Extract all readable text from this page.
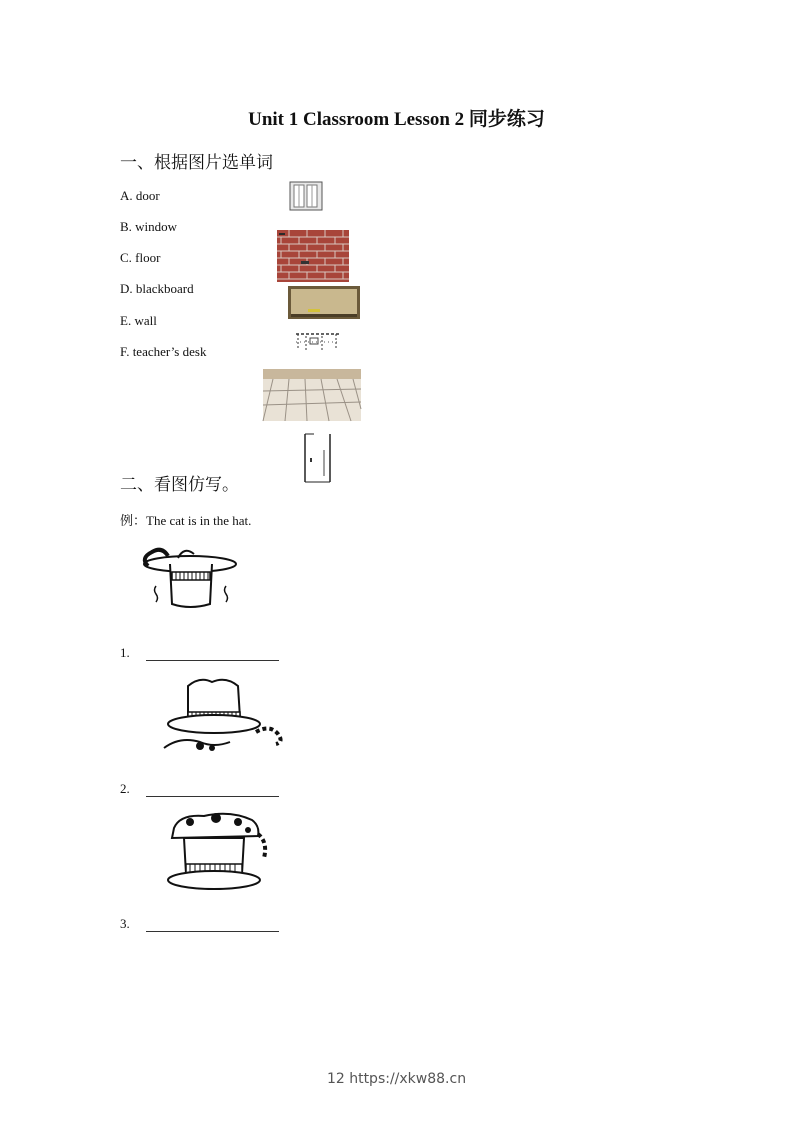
Unit 1 Classroom Lesson 2 同步练习
一、根据图片选单词
A. door
B. window
C. floor
D. blackboard
E. wall
F. teacher’s desk
二、看图仿写。
例：The cat is in the hat.
1.
2.
3.
12 https://xkw88.cn
